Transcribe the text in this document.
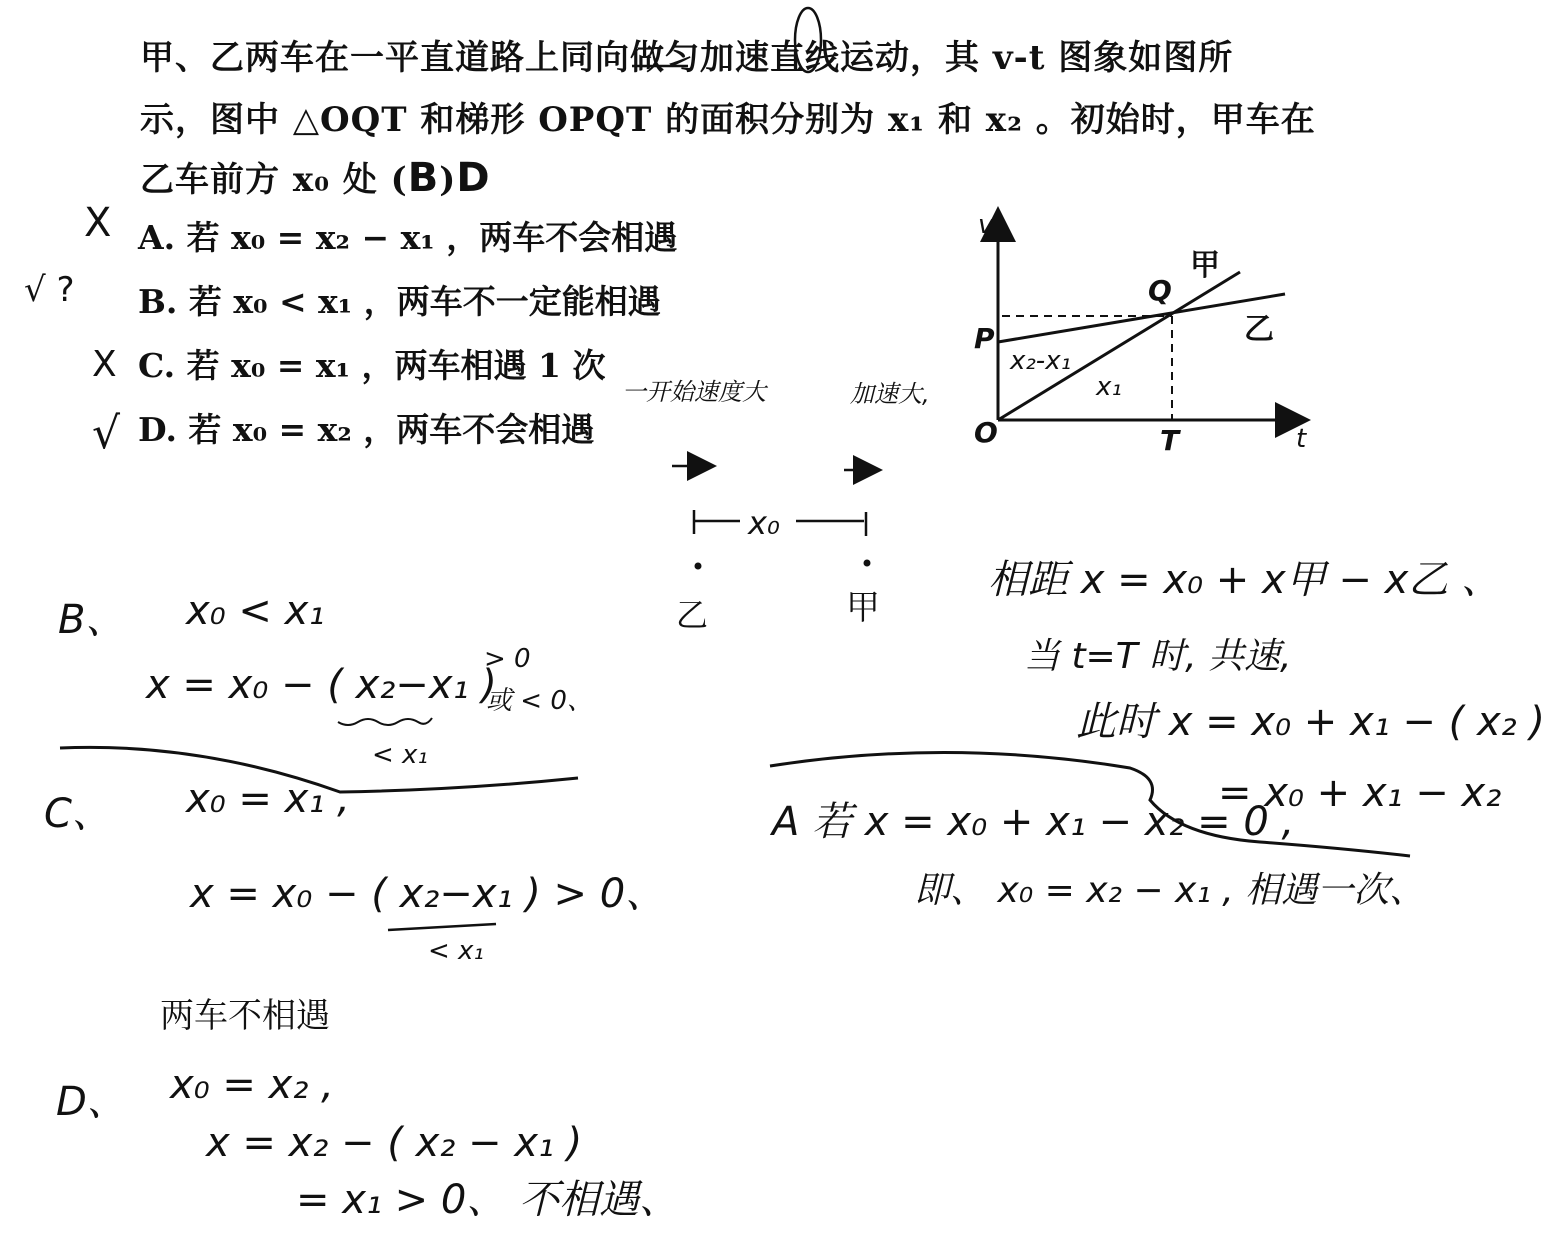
甲、乙两车在一平直道路上同向做匀加速直线运动，其 v-t 图象如图所
示，图中 △OQT 和梯形 OPQT 的面积分别为 x₁ 和 x₂ 。初始时，甲车在
乙车前方 x₀ 处 (B)D
X A. 若 x₀ = x₂ − x₁ ，两车不会相遇
√ ? B. 若 x₀ < x₁ ，两车不一定能相遇
X C. 若 x₀ = x₁ ，两车相遇 1 次
√ D. 若 x₀ = x₂ ，两车不会相遇
v
t
O
P
Q
T
甲
乙
x₂-x₁
x₁
一开始速度大	加速大,
x₀
乙	甲
B、 x₀ < x₁
x = x₀ − ( x₂−x₁ )
> 0
或 < 0、
< x₁
C、 x₀ = x₁ ,
x = x₀ − ( x₂−x₁ ) > 0、
< x₁
两车不相遇
D、 x₀ = x₂ ,
x = x₂ − ( x₂ − x₁ )
= x₁ > 0、 不相遇、
相距 x = x₀ + x甲 − x乙 、
当 t=T 时, 共速,
此时 x = x₀ + x₁ − ( x₂ )
= x₀ + x₁ − x₂
A 若 x = x₀ + x₁ − x₂ = 0 ,
即、 x₀ = x₂ − x₁ , 相遇一次、
